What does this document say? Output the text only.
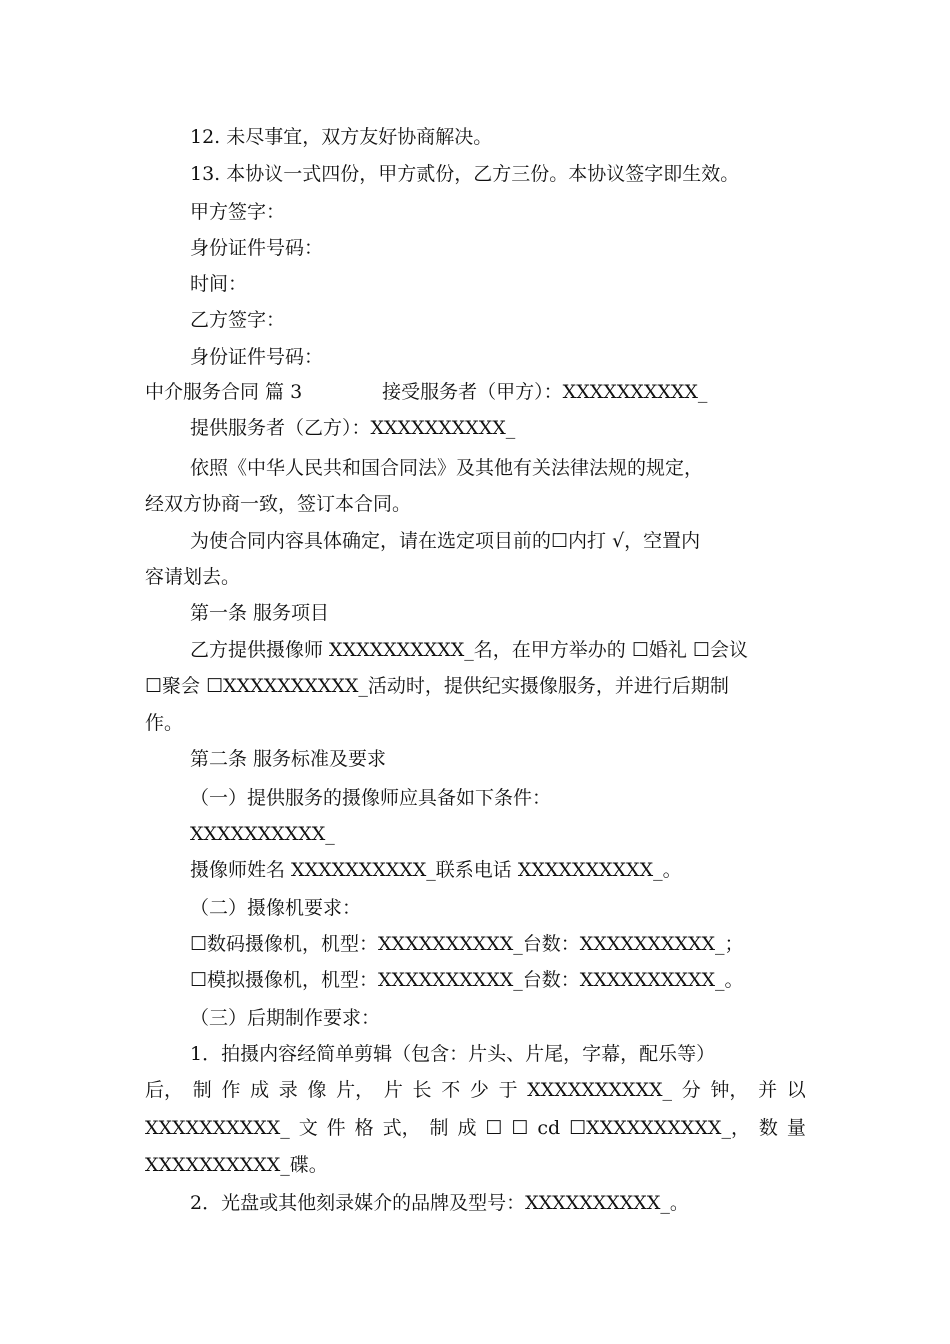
12. 未尽事宜，双方友好协商解决。
13. 本协议一式四份，甲方贰份，乙方三份。本协议签字即生效。
甲方签字：
身份证件号码：
时间：
乙方签字：
身份证件号码：
中介服务合同 篇 3	接受服务者（甲方）：XXXXXXXXXX_
提供服务者（乙方）：XXXXXXXXXX_
依照《中华人民共和国合同法》及其他有关法律法规的规定，
经双方协商一致，签订本合同。
为使合同内容具体确定，请在选定项目前的☐内打 √，空置内
容请划去。
第一条 服务项目
乙方提供摄像师 XXXXXXXXXX_名，在甲方举办的 ☐婚礼 ☐会议
☐聚会 ☐XXXXXXXXXX_活动时，提供纪实摄像服务，并进行后期制
作。
第二条 服务标准及要求
（一）提供服务的摄像师应具备如下条件：
XXXXXXXXXX_
摄像师姓名 XXXXXXXXXX_联系电话 XXXXXXXXXX_。
（二）摄像机要求：
☐数码摄像机，机型：XXXXXXXXXX_台数：XXXXXXXXXX_；
☐模拟摄像机，机型：XXXXXXXXXX_台数：XXXXXXXXXX_。
（三）后期制作要求：
1．拍摄内容经简单剪辑（包含：片头、片尾，字幕，配乐等）
后， 制 作 成 录 像 片， 片 长 不 少 于 XXXXXXXXXX_ 分 钟， 并 以
XXXXXXXXXX_ 文 件 格 式， 制 成 ☐ ☐ cd ☐XXXXXXXXXX_， 数 量
XXXXXXXXXX_碟。
2．光盘或其他刻录媒介的品牌及型号：XXXXXXXXXX_。
